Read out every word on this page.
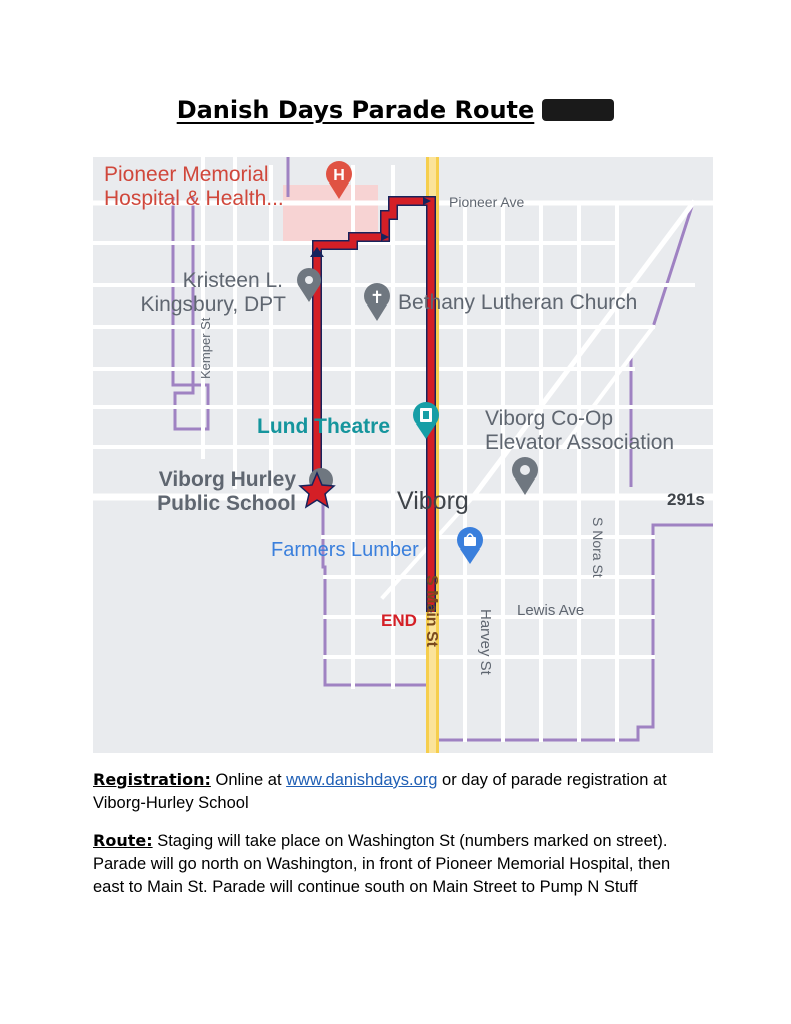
Danish Days Parade Route
H
✝
Pioneer Memorial
Hospital & Health...
Kristeen L.
Kingsbury, DPT	Bethany Lutheran Church
Kemper St
Lund Theatre	Viborg Co-Op
Elevator Association
Viborg Hurley
Public School	Viborg	291s
Farmers Lumber	S Nora St
Lewis Ave
S Main St Harvey St
Pioneer Ave
END
Registration: Online at www.danishdays.org or day of parade registration at Viborg-Hurley School
Route: Staging will take place on Washington St (numbers marked on street). Parade will go north on Washington, in front of Pioneer Memorial Hospital, then east to Main St. Parade will continue south on Main Street to Pump N Stuff
